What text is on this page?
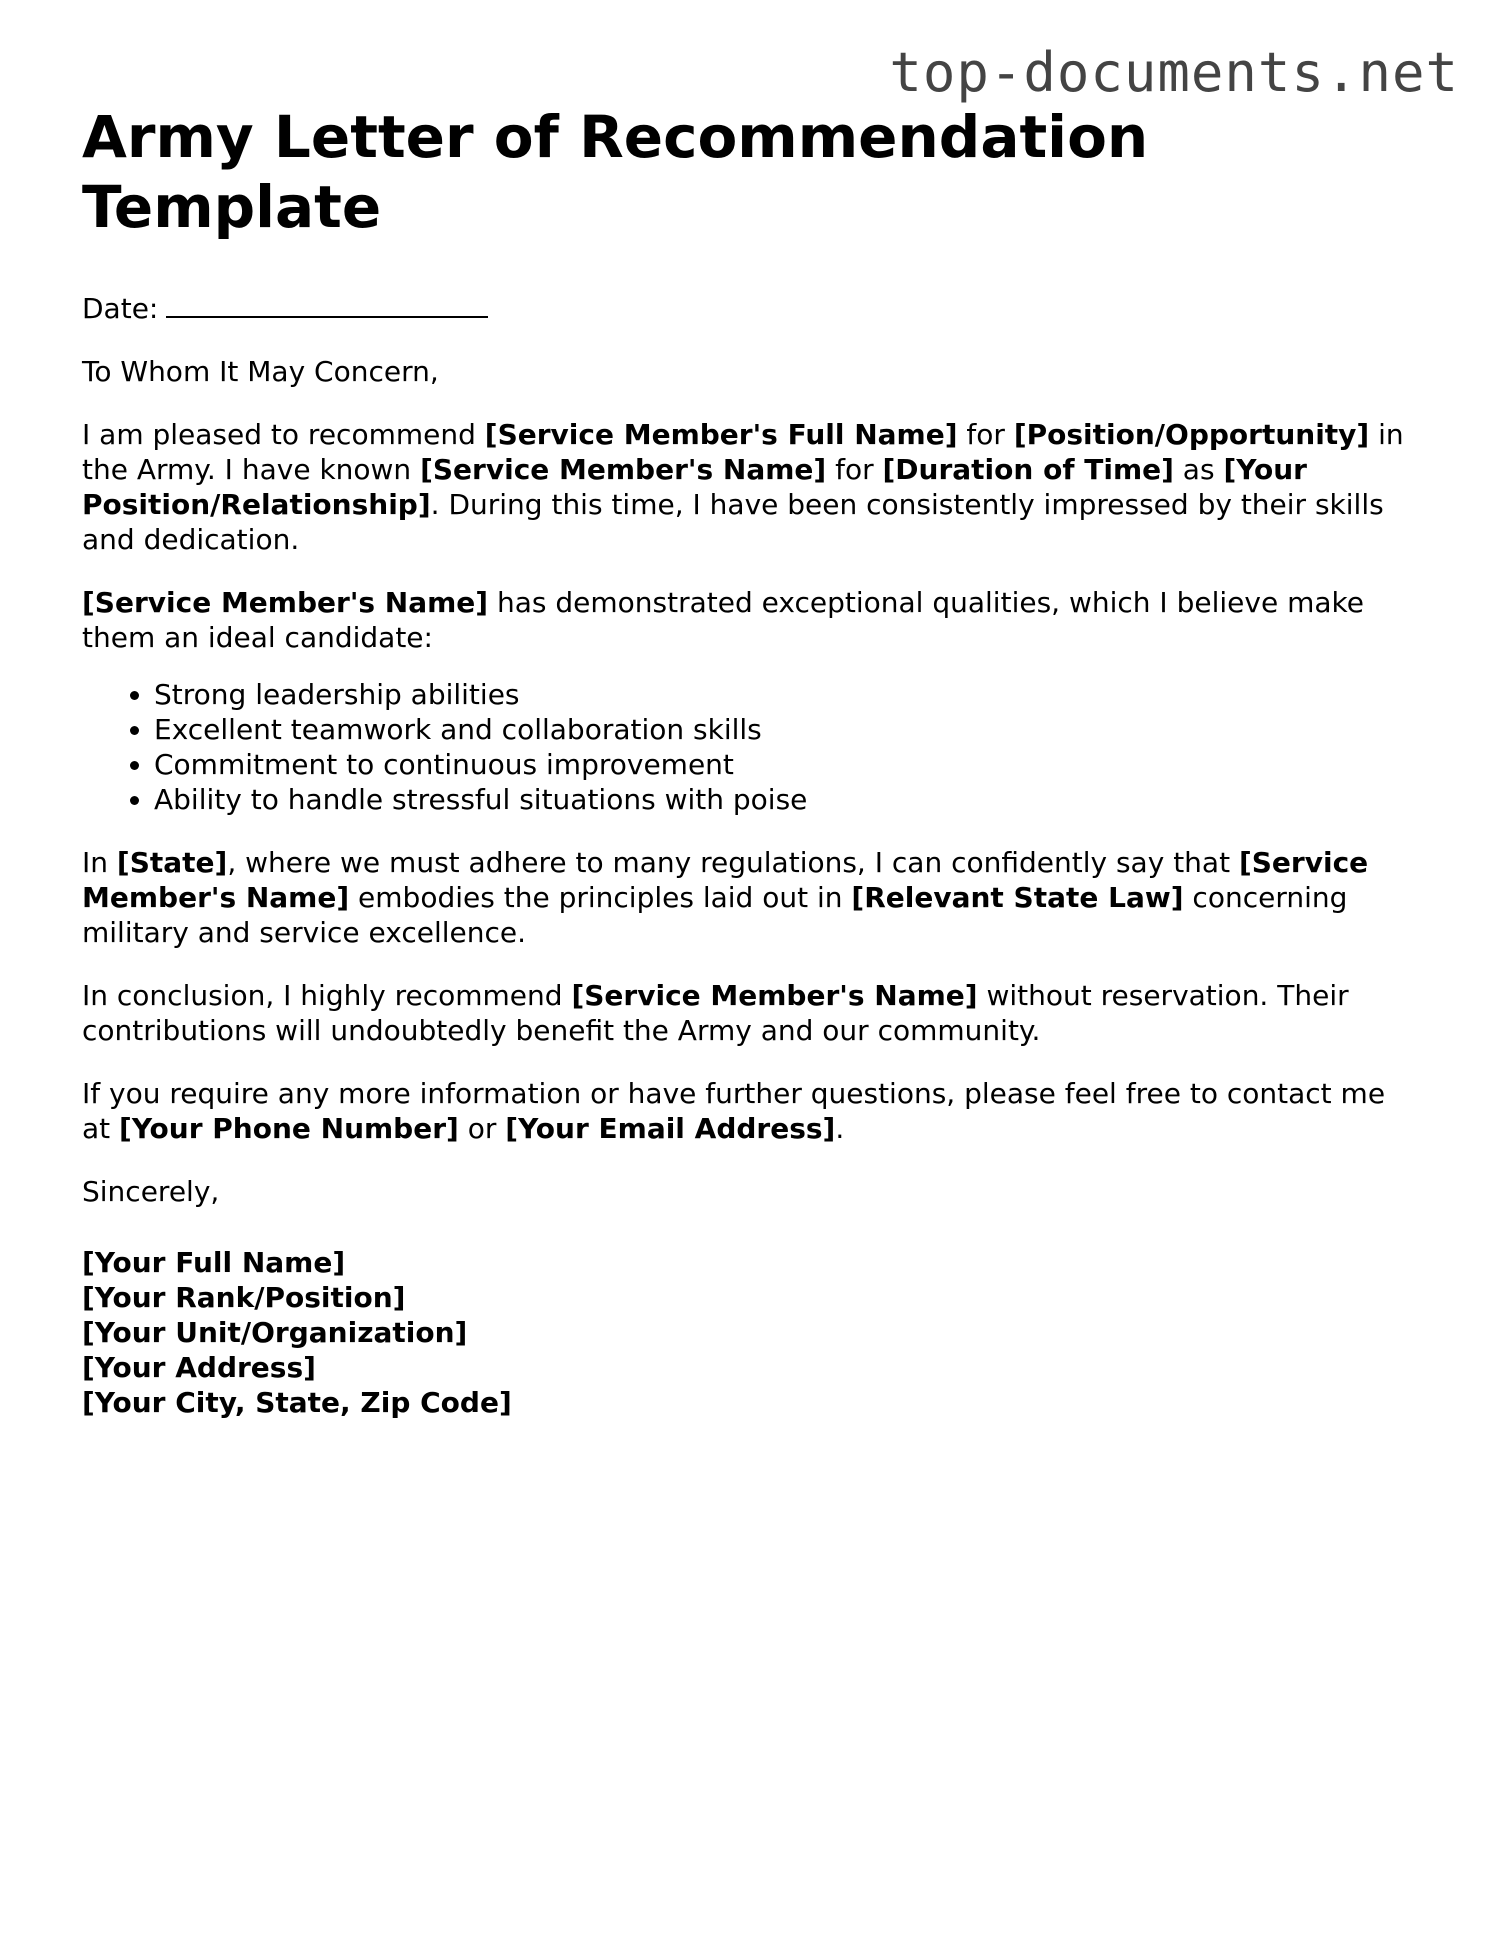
top-documents.net
Army Letter of Recommendation Template

Date:

To Whom It May Concern,

I am pleased to recommend [Service Member's Full Name] for [Position/Opportunity] in the Army. I have known [Service Member's Name] for [Duration of Time] as [Your Position/Relationship]. During this time, I have been consistently impressed by their skills and dedication.

[Service Member's Name] has demonstrated exceptional qualities, which I believe make them an ideal candidate:

• Strong leadership abilities
• Excellent teamwork and collaboration skills
• Commitment to continuous improvement
• Ability to handle stressful situations with poise

In [State], where we must adhere to many regulations, I can confidently say that [Service Member's Name] embodies the principles laid out in [Relevant State Law] concerning military and service excellence.

In conclusion, I highly recommend [Service Member's Name] without reservation. Their contributions will undoubtedly benefit the Army and our community.

If you require any more information or have further questions, please feel free to contact me at [Your Phone Number] or [Your Email Address].

Sincerely,

[Your Full Name]
[Your Rank/Position]
[Your Unit/Organization]
[Your Address]
[Your City, State, Zip Code]
